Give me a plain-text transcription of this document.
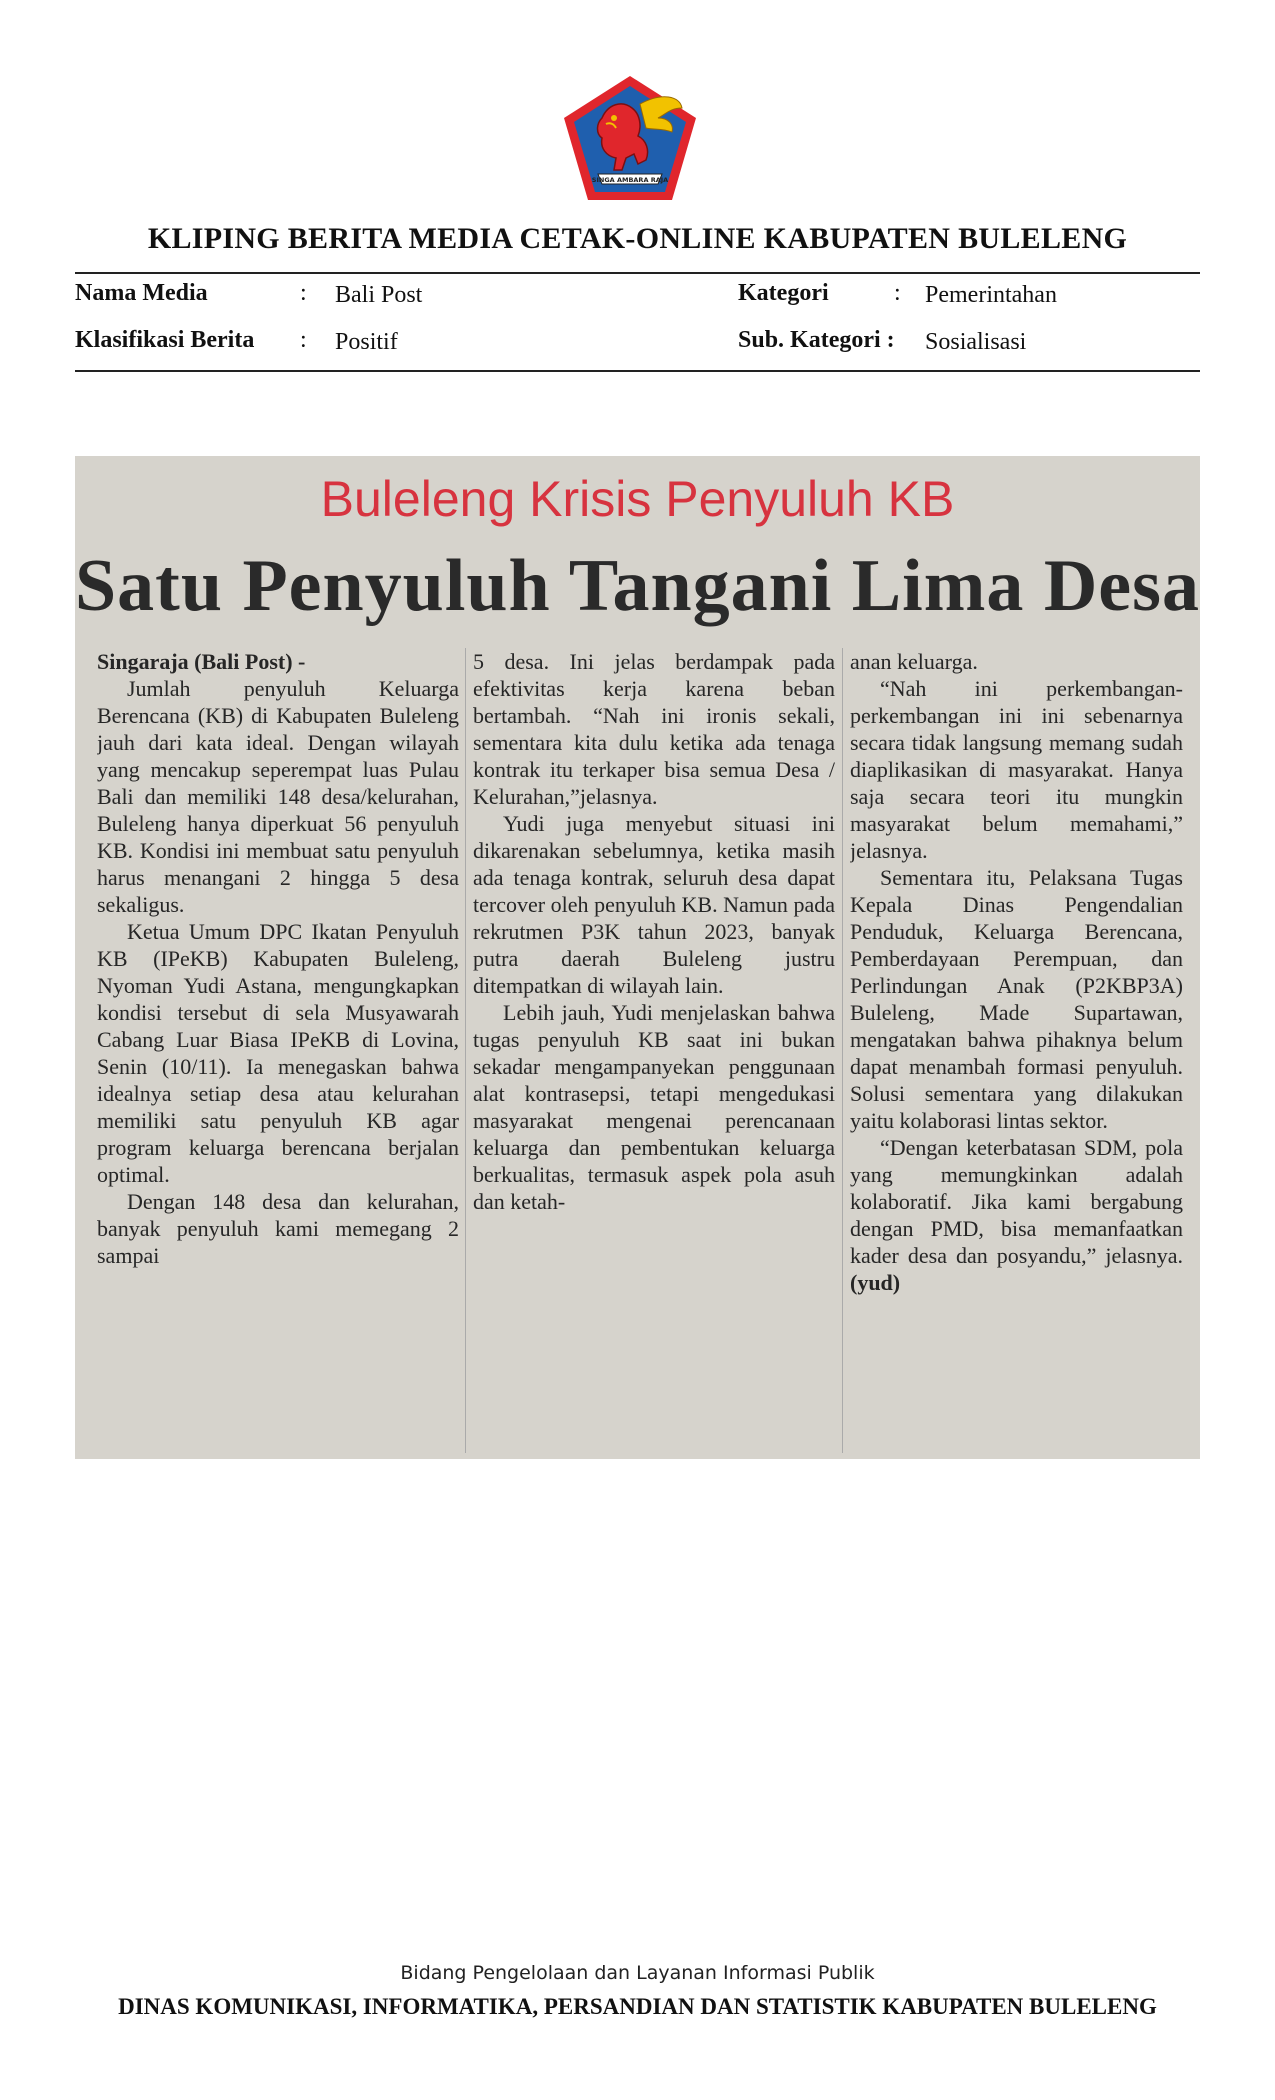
SINGA AMBARA RAJA
KLIPING BERITA MEDIA CETAK-ONLINE KABUPATEN BULELENG
Nama Media	: Bali Post	Kategori	: Pemerintahan
Klasifikasi Berita : Positif	Sub. Kategori : Sosialisasi
Buleleng Krisis Penyuluh KB
Satu Penyuluh Tangani Lima Desa

Singaraja (Bali Post) -

Jumlah penyuluh Keluarga Berencana (KB) di Kabupaten Buleleng jauh dari kata ideal. Dengan wilayah yang mencakup seperempat luas Pulau Bali dan memiliki 148 desa/kelurahan, Buleleng hanya diperkuat 56 penyuluh KB. Kondisi ini membuat satu penyuluh harus menangani 2 hingga 5 desa sekaligus.

Ketua Umum DPC Ikatan Penyuluh KB (IPeKB) Kabupaten Buleleng, Nyoman Yudi Astana, mengungkapkan kondisi tersebut di sela Musyawarah Cabang Luar Biasa IPeKB di Lovina, Senin (10/11). Ia menegaskan bahwa idealnya setiap desa atau kelurahan memiliki satu penyuluh KB agar program keluarga berencana berjalan optimal.

Dengan 148 desa dan kelurahan, banyak penyuluh kami memegang 2 sampai

5 desa. Ini jelas berdampak pada efektivitas kerja karena beban bertambah. “Nah ini ironis sekali, sementara kita dulu ketika ada tenaga kontrak itu terkaper bisa semua Desa / Kelurahan,”jelasnya.

Yudi juga menyebut situasi ini dikarenakan sebelumnya, ketika masih ada tenaga kontrak, seluruh desa dapat tercover oleh penyuluh KB. Namun pada rekrutmen P3K tahun 2023, banyak putra daerah Buleleng justru ditempatkan di wilayah lain.

Lebih jauh, Yudi menjelaskan bahwa tugas penyuluh KB saat ini bukan sekadar mengampanyekan penggunaan alat kontrasepsi, tetapi mengedukasi masyarakat mengenai perencanaan keluarga dan pembentukan keluarga berkualitas, termasuk aspek pola asuh dan ketah-

anan keluarga.

“Nah ini perkembangan-perkembangan ini ini sebenarnya secara tidak langsung memang sudah diaplikasikan di masyarakat. Hanya saja secara teori itu mungkin masyarakat belum memahami,” jelasnya.

Sementara itu, Pelaksana Tugas Kepala Dinas Pengendalian Penduduk, Keluarga Berencana, Pemberdayaan Perempuan, dan Perlindungan Anak (P2KBP3A) Buleleng, Made Supartawan, mengatakan bahwa pihaknya belum dapat menambah formasi penyuluh. Solusi sementara yang dilakukan yaitu kolaborasi lintas sektor.

“Dengan keterbatasan SDM, pola yang memungkinkan adalah kolaboratif. Jika kami bergabung dengan PMD, bisa memanfaatkan kader desa dan posyandu,” jelasnya. (yud)

Bidang Pengelolaan dan Layanan Informasi Publik
DINAS KOMUNIKASI, INFORMATIKA, PERSANDIAN DAN STATISTIK KABUPATEN BULELENG
